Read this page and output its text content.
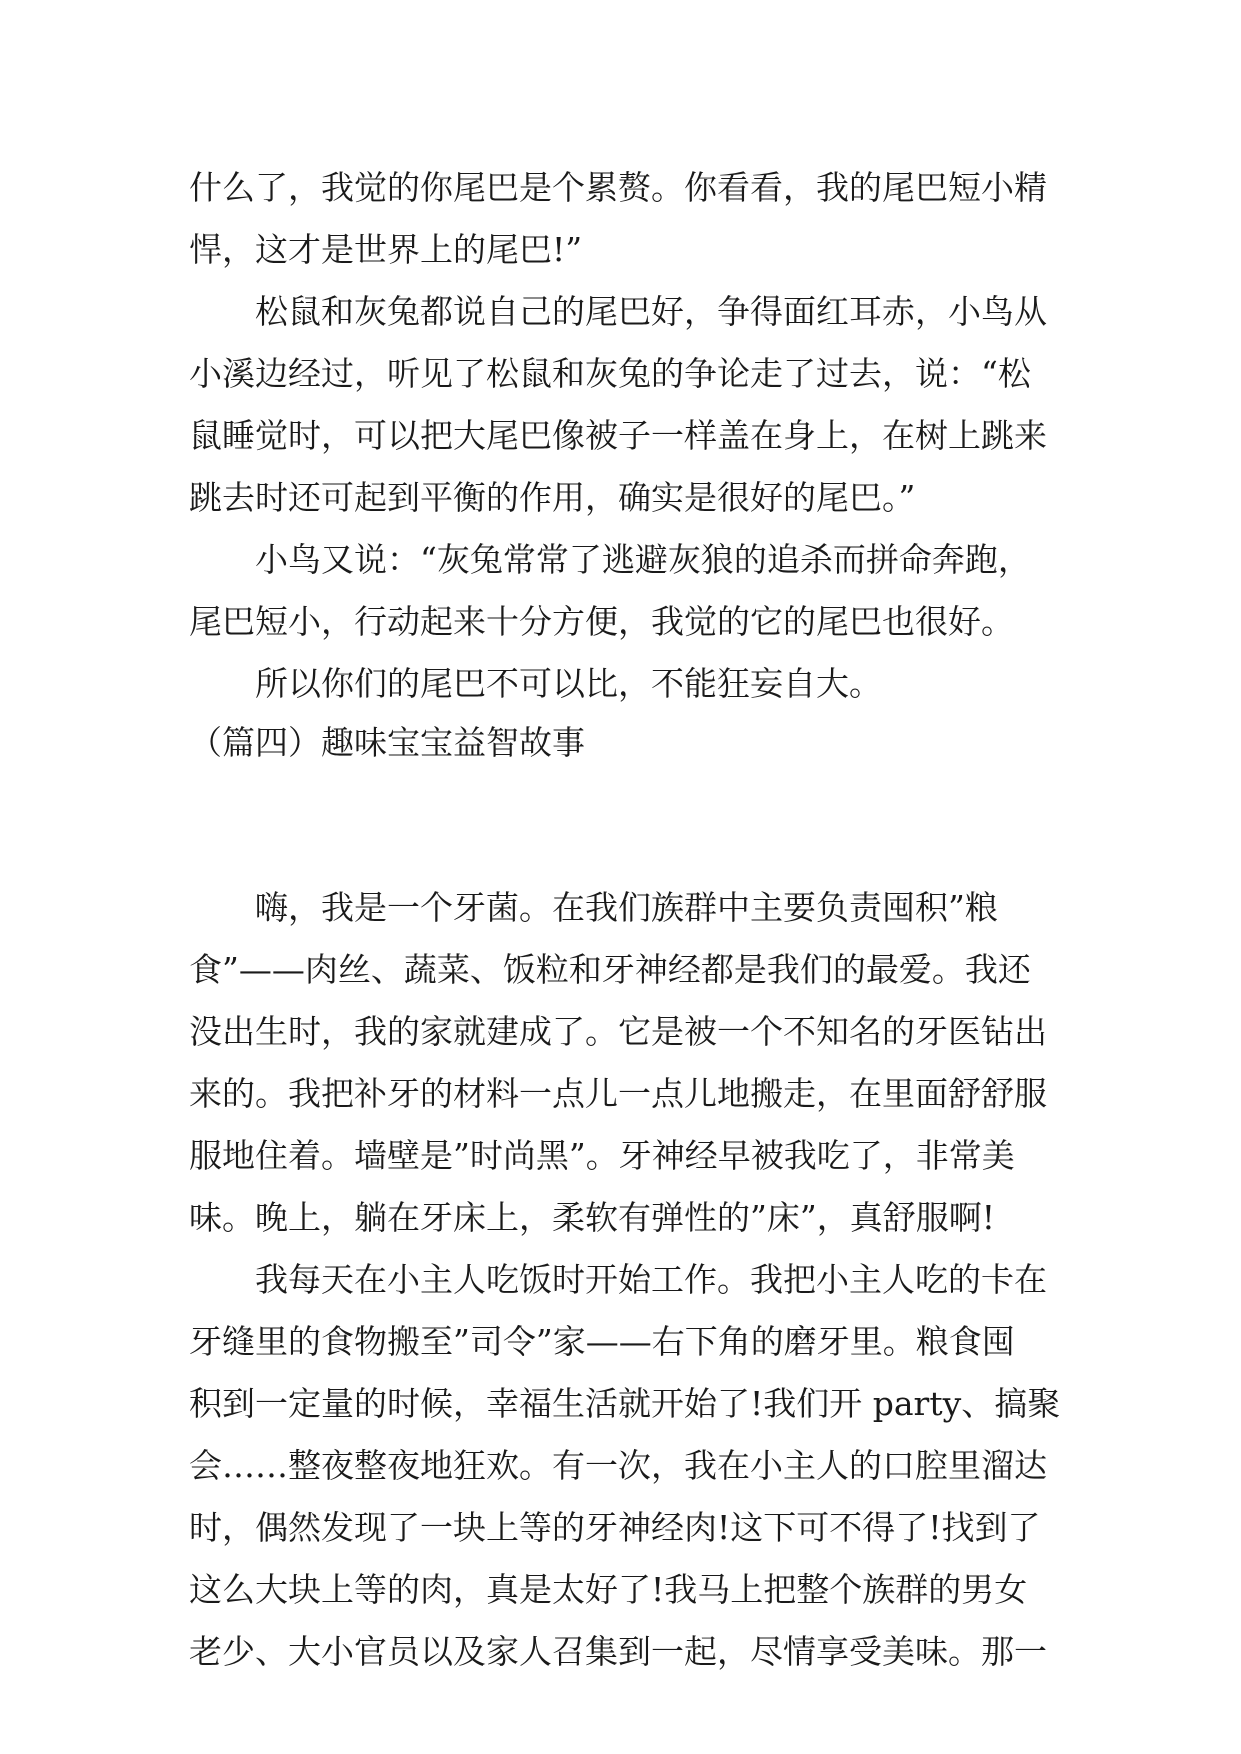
什么了，我觉的你尾巴是个累赘。你看看，我的尾巴短小精
悍，这才是世界上的尾巴!”
松鼠和灰兔都说自己的尾巴好，争得面红耳赤，小鸟从
小溪边经过，听见了松鼠和灰兔的争论走了过去，说：“松
鼠睡觉时，可以把大尾巴像被子一样盖在身上，在树上跳来
跳去时还可起到平衡的作用，确实是很好的尾巴。”
小鸟又说：“灰兔常常了逃避灰狼的追杀而拼命奔跑，
尾巴短小，行动起来十分方便，我觉的它的尾巴也很好。
所以你们的尾巴不可以比，不能狂妄自大。
（篇四）趣味宝宝益智故事
嗨，我是一个牙菌。在我们族群中主要负责囤积”粮
食”——肉丝、蔬菜、饭粒和牙神经都是我们的最爱。我还
没出生时，我的家就建成了。它是被一个不知名的牙医钻出
来的。我把补牙的材料一点儿一点儿地搬走，在里面舒舒服
服地住着。墙壁是”时尚黑”。牙神经早被我吃了，非常美
味。晚上，躺在牙床上，柔软有弹性的”床”，真舒服啊!
我每天在小主人吃饭时开始工作。我把小主人吃的卡在
牙缝里的食物搬至”司令”家——右下角的磨牙里。粮食囤
积到一定量的时候，幸福生活就开始了!我们开 party、搞聚
会……整夜整夜地狂欢。有一次，我在小主人的口腔里溜达
时，偶然发现了一块上等的牙神经肉!这下可不得了!找到了
这么大块上等的肉，真是太好了!我马上把整个族群的男女
老少、大小官员以及家人召集到一起，尽情享受美味。那一
